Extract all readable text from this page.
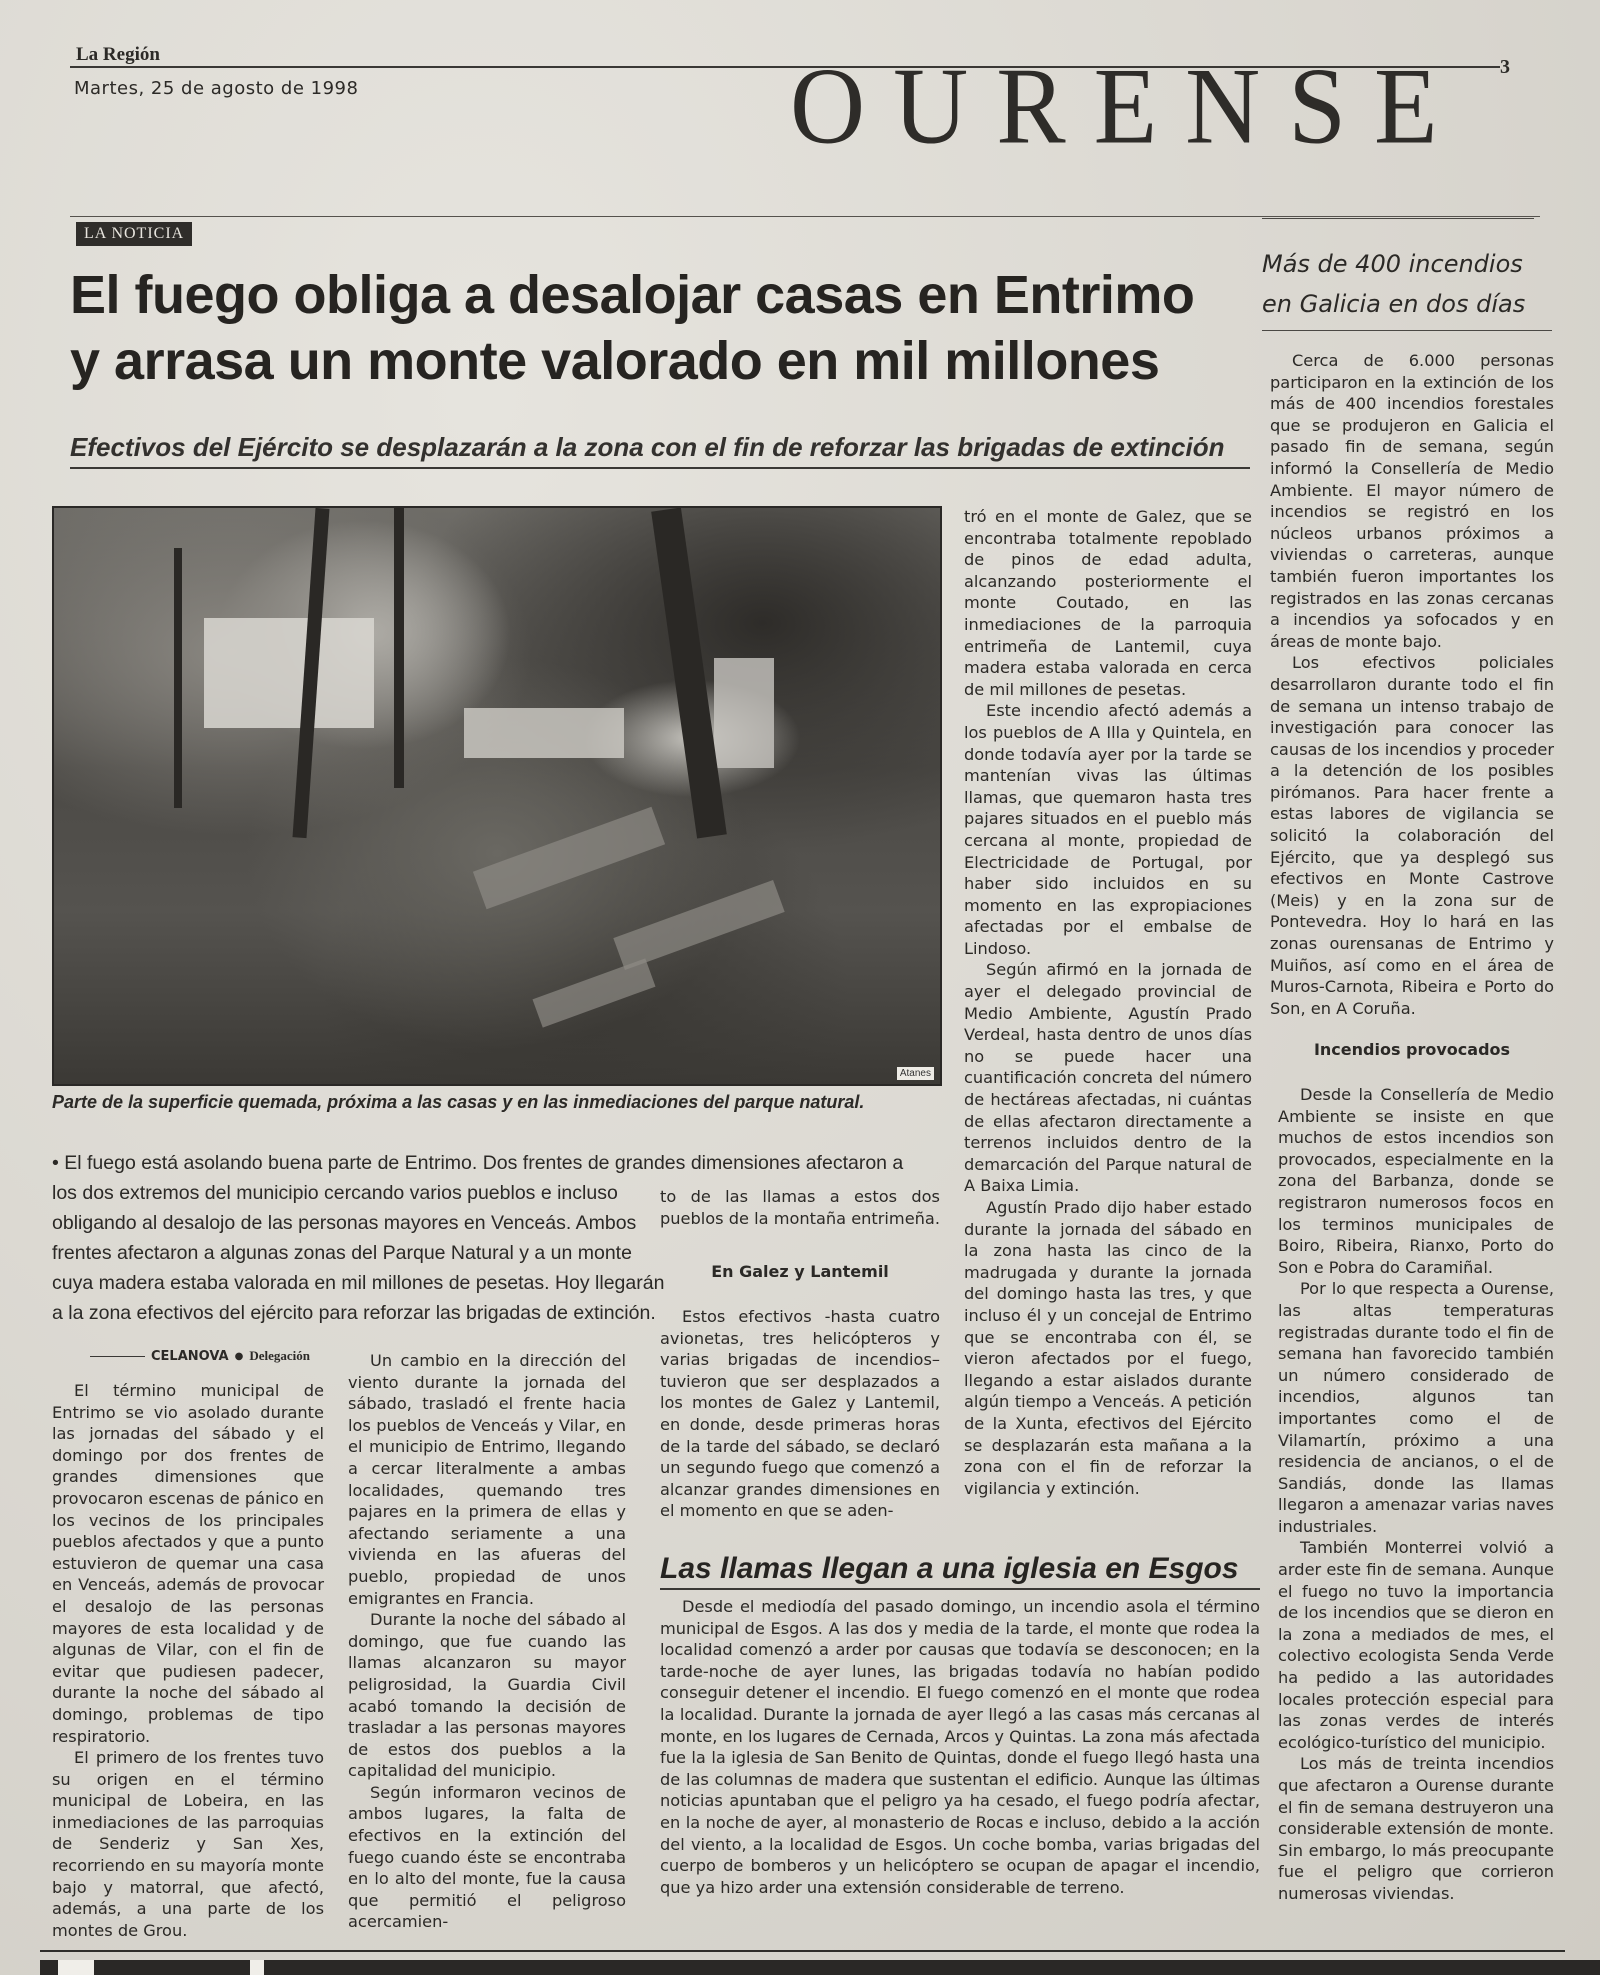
La Región
Martes, 25 de agosto de 1998	OURENSE 3
LA NOTICIA
El fuego obliga a desalojar casas en Entrimo
y arrasa un monte valorado en mil millones
Efectivos del Ejército se desplazarán a la zona con el fin de reforzar las brigadas de extinción
Atanes
Parte de la superficie quemada, próxima a las casas y en las inmediaciones del parque natural.
• El fuego está asolando buena parte de Entrimo. Dos frentes de grandes dimensiones afectaron a
los dos extremos del municipio cercando varios pueblos e incluso
obligando al desalojo de las personas mayores en Venceás. Ambos
frentes afectaron a algunas zonas del Parque Natural y a un monte
cuya madera estaba valorada en mil millones de pesetas. Hoy llegarán
a la zona efectivos del ejército para reforzar las brigadas de extinción.
CELANOVA ● Delegación

El término municipal de Entrimo se vio asolado durante las jornadas del sábado y el domingo por dos frentes de grandes dimensiones que provocaron escenas de pánico en los vecinos de los principales pueblos afectados y que a punto estuvieron de quemar una casa en Venceás, además de provocar el desalojo de las personas mayores de esta localidad y de algunas de Vilar, con el fin de evitar que pudiesen padecer, durante la noche del sábado al domingo, problemas de tipo respiratorio.

El primero de los frentes tuvo su origen en el término municipal de Lobeira, en las inmediaciones de las parroquias de Senderiz y San Xes, recorriendo en su mayoría monte bajo y matorral, que afectó, además, a una parte de los montes de Grou.

Un cambio en la dirección del viento durante la jornada del sábado, trasladó el frente hacia los pueblos de Venceás y Vilar, en el municipio de Entrimo, llegando a cercar literalmente a ambas localidades, quemando tres pajares en la primera de ellas y afectando seriamente a una vivienda en las afueras del pueblo, propiedad de unos emigrantes en Francia.

Durante la noche del sábado al domingo, que fue cuando las llamas alcanzaron su mayor peligrosidad, la Guardia Civil acabó tomando la decisión de trasladar a las personas mayores de estos dos pueblos a la capitalidad del municipio.

Según informaron vecinos de ambos lugares, la falta de efectivos en la extinción del fuego cuando éste se encontraba en lo alto del monte, fue la causa que permitió el peligroso acercamien-

to de las llamas a estos dos pueblos de la montaña entrimeña.

En Galez y Lantemil

Estos efectivos -hasta cuatro avionetas, tres helicópteros y varias brigadas de incendios– tuvieron que ser desplazados a los montes de Galez y Lantemil, en donde, desde primeras horas de la tarde del sábado, se declaró un segundo fuego que comenzó a alcanzar grandes dimensiones en el momento en que se aden-

tró en el monte de Galez, que se encontraba totalmente repoblado de pinos de edad adulta, alcanzando posteriormente el monte Coutado, en las inmediaciones de la parroquia entrimeña de Lantemil, cuya madera estaba valorada en cerca de mil millones de pesetas.

Este incendio afectó además a los pueblos de A Illa y Quintela, en donde todavía ayer por la tarde se mantenían vivas las últimas llamas, que quemaron hasta tres pajares situados en el pueblo más cercana al monte, propiedad de Electricidade de Portugal, por haber sido incluidos en su momento en las expropiaciones afectadas por el embalse de Lindoso.

Según afirmó en la jornada de ayer el delegado provincial de Medio Ambiente, Agustín Prado Verdeal, hasta dentro de unos días no se puede hacer una cuantificación concreta del número de hectáreas afectadas, ni cuántas de ellas afectaron directamente a terrenos incluidos dentro de la demarcación del Parque natural de A Baixa Limia.

Agustín Prado dijo haber estado durante la jornada del sábado en la zona hasta las cinco de la madrugada y durante la jornada del domingo hasta las tres, y que incluso él y un concejal de Entrimo que se encontraba con él, se vieron afectados por el fuego, llegando a estar aislados durante algún tiempo a Venceás. A petición de la Xunta, efectivos del Ejército se desplazarán esta mañana a la zona con el fin de reforzar la vigilancia y extinción.

Más de 400 incendios
en Galicia en dos días

Cerca de 6.000 personas participaron en la extinción de los más de 400 incendios forestales que se produjeron en Galicia el pasado fin de semana, según informó la Consellería de Medio Ambiente. El mayor número de incendios se registró en los núcleos urbanos próximos a viviendas o carreteras, aunque también fueron importantes los registrados en las zonas cercanas a incendios ya sofocados y en áreas de monte bajo.

Los efectivos policiales desarrollaron durante todo el fin de semana un intenso trabajo de investigación para conocer las causas de los incendios y proceder a la detención de los posibles pirómanos. Para hacer frente a estas labores de vigilancia se solicitó la colaboración del Ejército, que ya desplegó sus efectivos en Monte Castrove (Meis) y en la zona sur de Pontevedra. Hoy lo hará en las zonas ourensanas de Entrimo y Muiños, así como en el área de Muros-Carnota, Ribeira e Porto do Son, en A Coruña.

Incendios provocados

Desde la Consellería de Medio Ambiente se insiste en que muchos de estos incendios son provocados, especialmente en la zona del Barbanza, donde se registraron numerosos focos en los terminos municipales de Boiro, Ribeira, Rianxo, Porto do Son e Pobra do Caramiñal.

Por lo que respecta a Ourense, las altas temperaturas registradas durante todo el fin de semana han favorecido también un número considerado de incendios, algunos tan importantes como el de Vilamartín, próximo a una residencia de ancianos, o el de Sandiás, donde las llamas llegaron a amenazar varias naves industriales.

También Monterrei volvió a arder este fin de semana. Aunque el fuego no tuvo la importancia de los incendios que se dieron en la zona a mediados de mes, el colectivo ecologista Senda Verde ha pedido a las autoridades locales protección especial para las zonas verdes de interés ecológico-turístico del municipio.

Los más de treinta incendios que afectaron a Ourense durante el fin de semana destruyeron una considerable extensión de monte. Sin embargo, lo más preocupante fue el peligro que corrieron numerosas viviendas.

Las llamas llegan a una iglesia en Esgos

Desde el mediodía del pasado domingo, un incendio asola el término municipal de Esgos. A las dos y media de la tarde, el monte que rodea la localidad comenzó a arder por causas que todavía se desconocen; en la tarde-noche de ayer lunes, las brigadas todavía no habían podido conseguir detener el incendio. El fuego comenzó en el monte que rodea la localidad. Durante la jornada de ayer llegó a las casas más cercanas al monte, en los lugares de Cernada, Arcos y Quintas. La zona más afectada fue la la iglesia de San Benito de Quintas, donde el fuego llegó hasta una de las columnas de madera que sustentan el edificio. Aunque las últimas noticias apuntaban que el peligro ya ha cesado, el fuego podría afectar, en la noche de ayer, al monasterio de Rocas e incluso, debido a la acción del viento, a la localidad de Esgos. Un coche bomba, varias brigadas del cuerpo de bomberos y un helicóptero se ocupan de apagar el incendio, que ya hizo arder una extensión considerable de terreno.
